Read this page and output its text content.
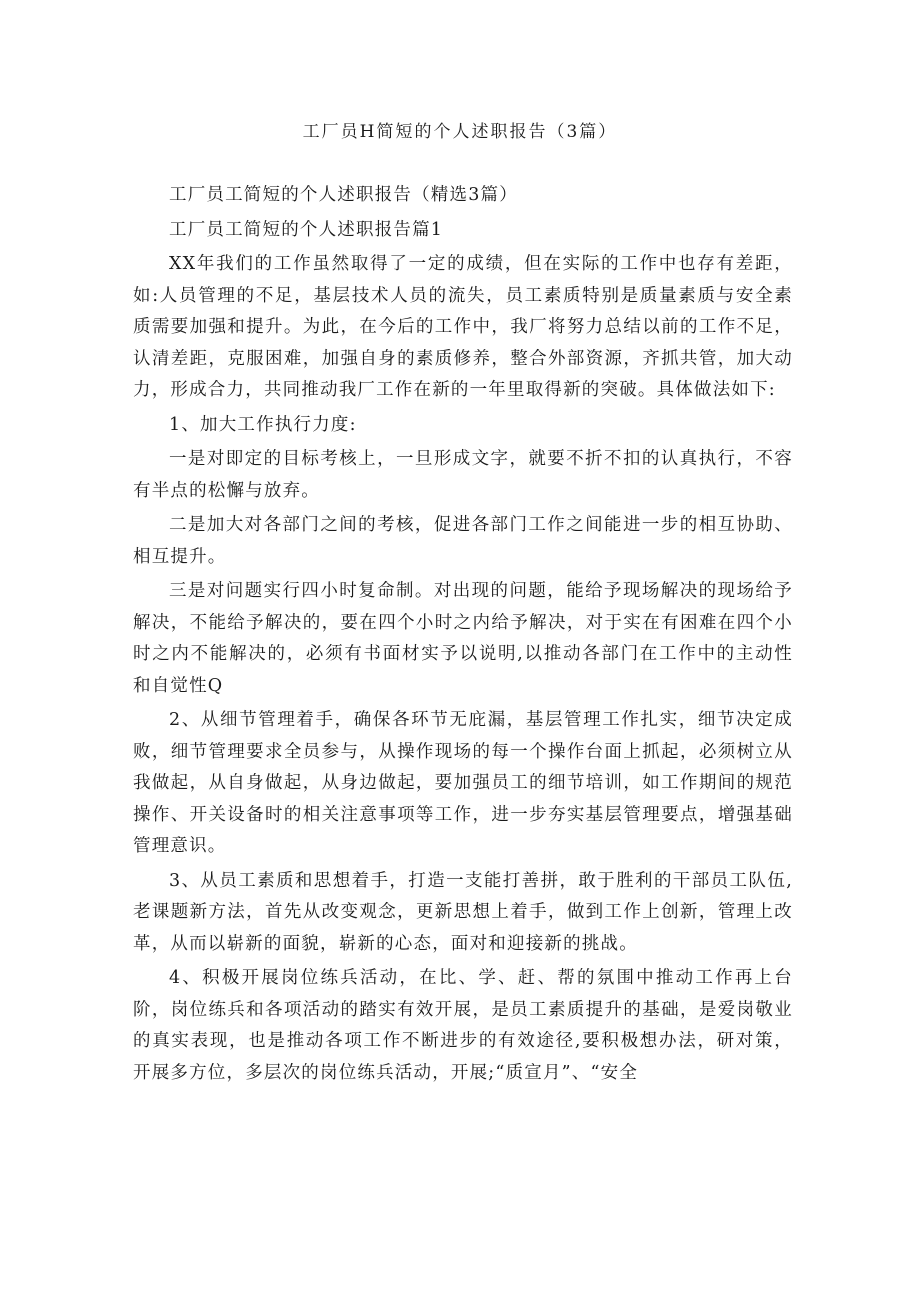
工厂员H简短的个人述职报告（3篇）

工厂员工简短的个人述职报告（精选3篇）

工厂员工简短的个人述职报告篇1

XX年我们的工作虽然取得了一定的成绩，但在实际的工作中也存有差距，如:人员管理的不足，基层技术人员的流失，员工素质特别是质量素质与安全素质需要加强和提升。为此，在今后的工作中，我厂将努力总结以前的工作不足，认清差距，克服困难，加强自身的素质修养，整合外部资源，齐抓共管，加大动力，形成合力，共同推动我厂工作在新的一年里取得新的突破。具体做法如下:

1、加大工作执行力度:

一是对即定的目标考核上，一旦形成文字，就要不折不扣的认真执行，不容有半点的松懈与放弃。

二是加大对各部门之间的考核，促进各部门工作之间能进一步的相互协助、相互提升。

三是对问题实行四小时复命制。对出现的问题，能给予现场解决的现场给予解决，不能给予解决的，要在四个小时之内给予解决，对于实在有困难在四个小时之内不能解决的，必须有书面材实予以说明,以推动各部门在工作中的主动性和自觉性Q

2、从细节管理着手，确保各环节无庇漏，基层管理工作扎实，细节决定成败，细节管理要求全员参与，从操作现场的每一个操作台面上抓起，必须树立从我做起，从自身做起，从身边做起，要加强员工的细节培训，如工作期间的规范操作、开关设备时的相关注意事项等工作，进一步夯实基层管理要点，增强基础管理意识。

3、从员工素质和思想着手，打造一支能打善拼，敢于胜利的干部员工队伍,老课题新方法，首先从改变观念，更新思想上着手，做到工作上创新，管理上改革，从而以崭新的面貌，崭新的心态，面对和迎接新的挑战。

4、积极开展岗位练兵活动，在比、学、赶、帮的氛围中推动工作再上台阶，岗位练兵和各项活动的踏实有效开展，是员工素质提升的基础，是爱岗敬业的真实表现，也是推动各项工作不断进步的有效途径,要积极想办法，研对策，开展多方位，多层次的岗位练兵活动，开展;“质宣月”、“安全
